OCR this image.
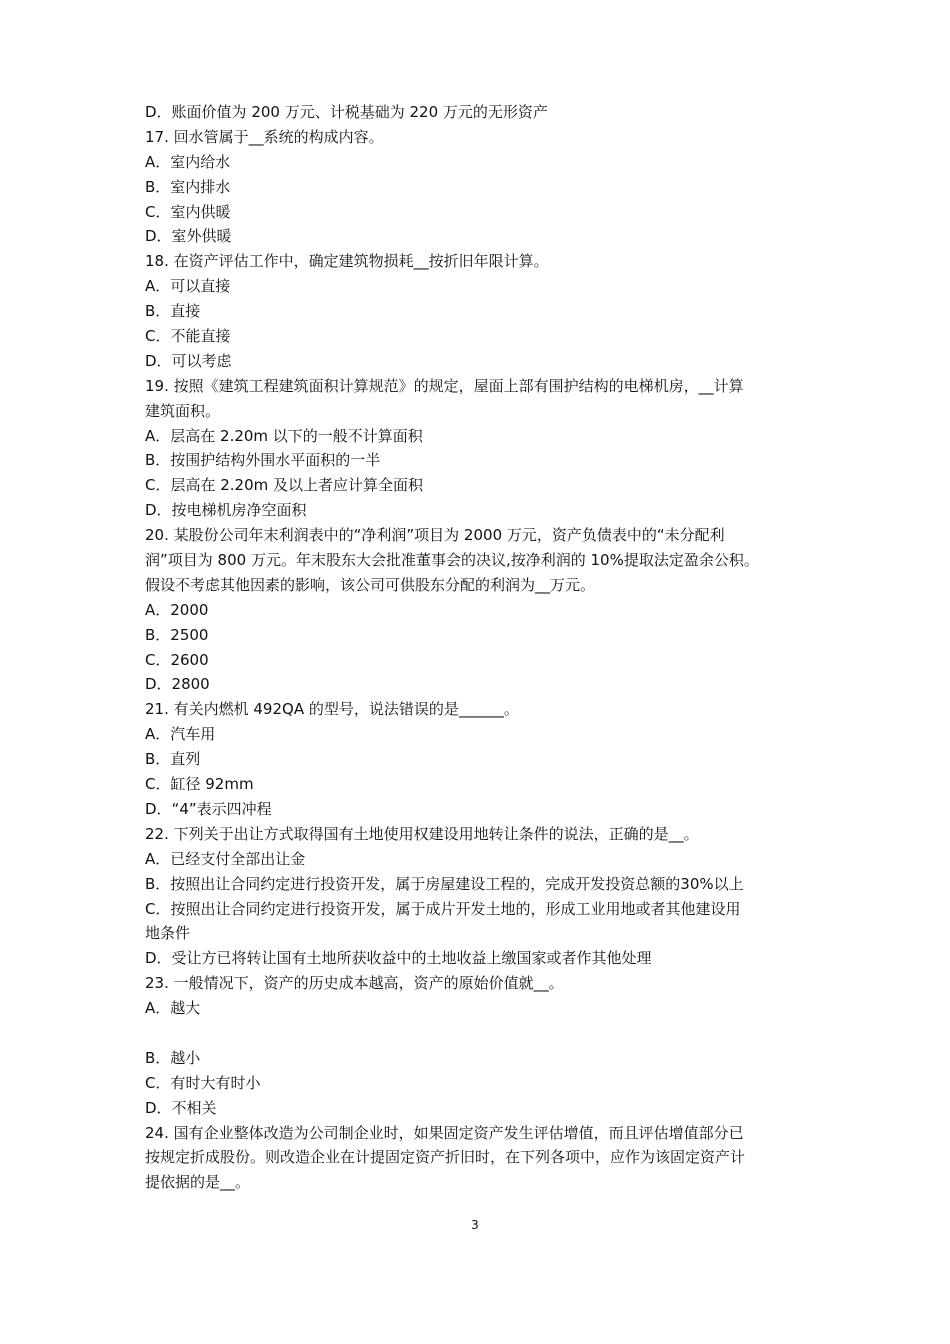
D．账面价值为 200 万元、计税基础为 220 万元的无形资产
17. 回水管属于__系统的构成内容。
A．室内给水
B．室内排水
C．室内供暖
D．室外供暖
18. 在资产评估工作中，确定建筑物损耗__按折旧年限计算。
A．可以直接
B．直接
C．不能直接
D．可以考虑
19. 按照《建筑工程建筑面积计算规范》的规定，屋面上部有围护结构的电梯机房，__计算
建筑面积。
A．层高在 2.20m 以下的一般不计算面积
B．按围护结构外围水平面积的一半
C．层高在 2.20m 及以上者应计算全面积
D．按电梯机房净空面积
20. 某股份公司年末利润表中的“净利润”项目为 2000 万元，资产负债表中的“未分配利
润”项目为 800 万元。年末股东大会批准董事会的决议,按净利润的 10%提取法定盈余公积。
假设不考虑其他因素的影响，该公司可供股东分配的利润为__万元。
A．2000
B．2500
C．2600
D．2800
21. 有关内燃机 492QA 的型号，说法错误的是______。
A．汽车用
B．直列
C．缸径 92mm
D．“4”表示四冲程
22. 下列关于出让方式取得国有土地使用权建设用地转让条件的说法，正确的是__。
A．已经支付全部出让金
B．按照出让合同约定进行投资开发，属于房屋建设工程的，完成开发投资总额的30%以上
C．按照出让合同约定进行投资开发，属于成片开发土地的，形成工业用地或者其他建设用
地条件
D．受让方已将转让国有土地所获收益中的土地收益上缴国家或者作其他处理
23. 一般情况下，资产的历史成本越高，资产的原始价值就__。
A．越大
B．越小
C．有时大有时小
D．不相关
24. 国有企业整体改造为公司制企业时，如果固定资产发生评估增值，而且评估增值部分已
按规定折成股份。则改造企业在计提固定资产折旧时，在下列各项中，应作为该固定资产计
提依据的是__。
3
